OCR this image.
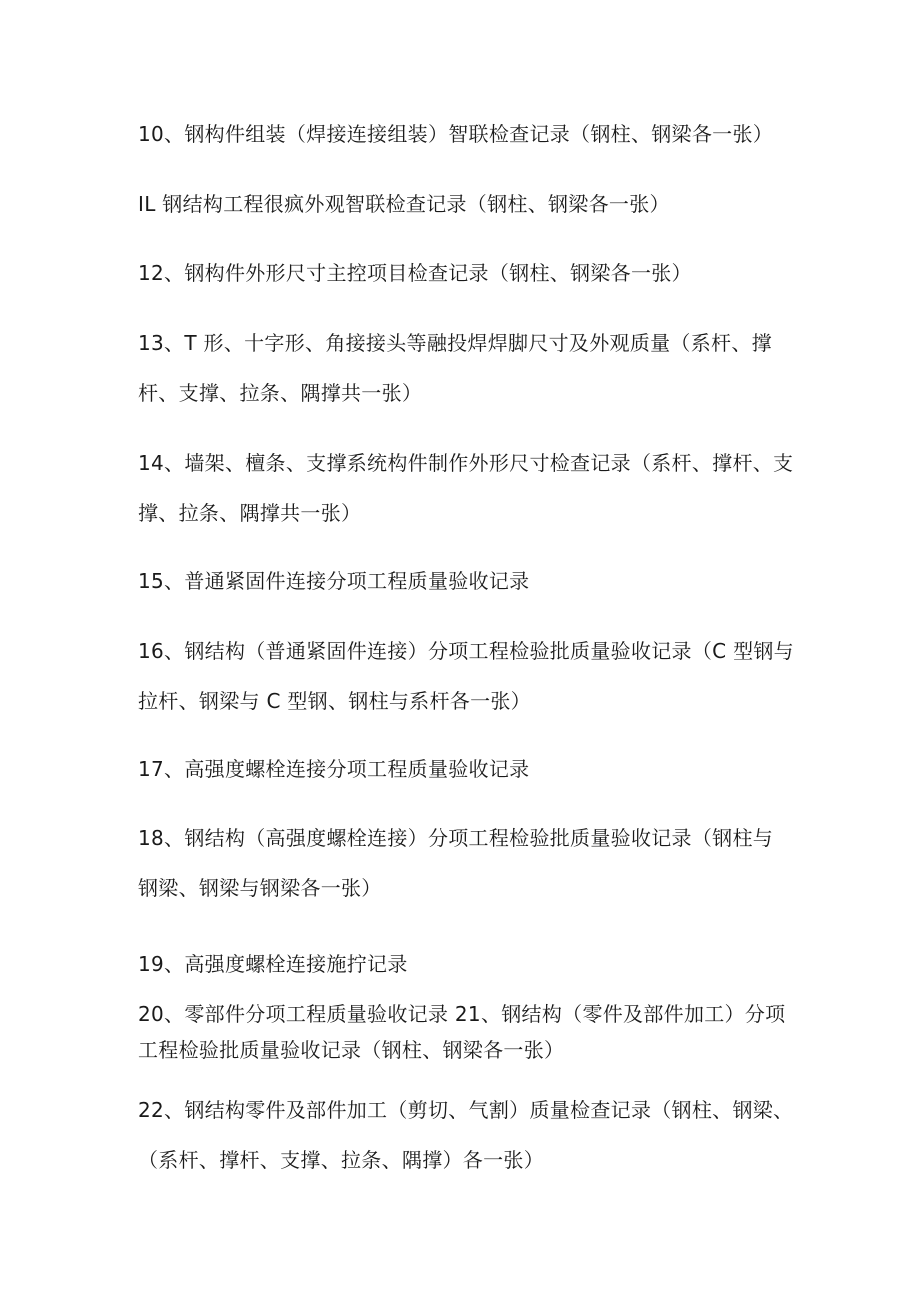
10、钢构件组装（焊接连接组装）智联检查记录（钢柱、钢梁各一张）
IL 钢结构工程很疯外观智联检查记录（钢柱、钢梁各一张）
12、钢构件外形尺寸主控项目检查记录（钢柱、钢梁各一张）
13、T 形、十字形、角接接头等融投焊焊脚尺寸及外观质量（系杆、撑
杆、支撑、拉条、隅撑共一张）
14、墙架、檀条、支撑系统构件制作外形尺寸检查记录（系杆、撑杆、支
撑、拉条、隅撑共一张）
15、普通紧固件连接分项工程质量验收记录
16、钢结构（普通紧固件连接）分项工程检验批质量验收记录（C 型钢与
拉杆、钢梁与 C 型钢、钢柱与系杆各一张）
17、高强度螺栓连接分项工程质量验收记录
18、钢结构（高强度螺栓连接）分项工程检验批质量验收记录（钢柱与
钢梁、钢梁与钢梁各一张）
19、高强度螺栓连接施拧记录
20、零部件分项工程质量验收记录 21、钢结构（零件及部件加工）分项
工程检验批质量验收记录（钢柱、钢梁各一张）
22、钢结构零件及部件加工（剪切、气割）质量检查记录（钢柱、钢梁、
（系杆、撑杆、支撑、拉条、隅撑）各一张）
